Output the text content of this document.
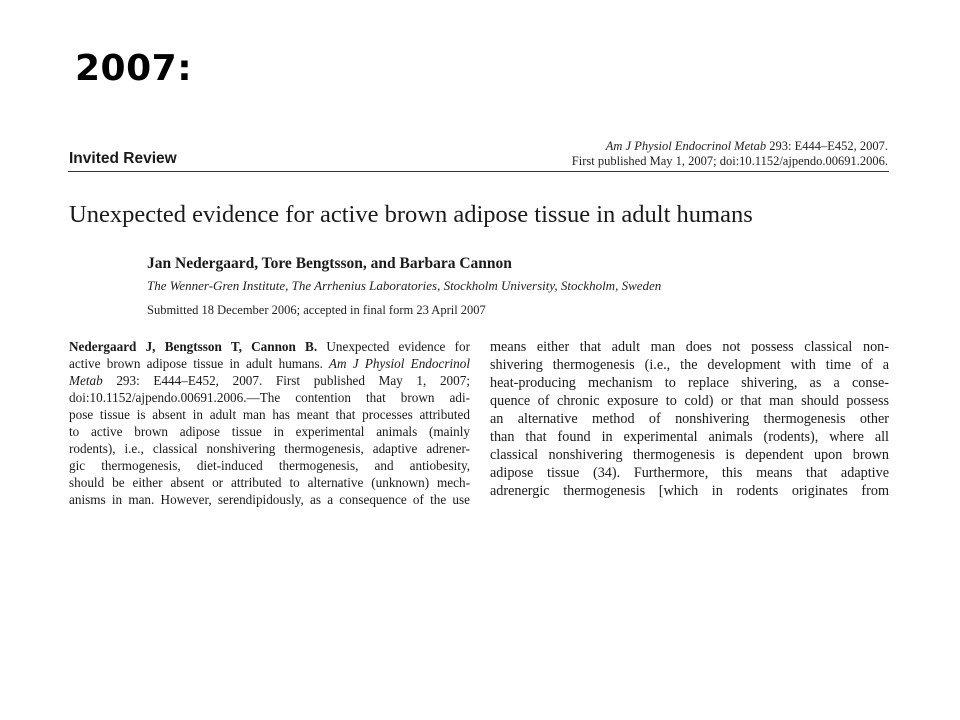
2007:
Invited Review
Am J Physiol Endocrinol Metab 293: E444–E452, 2007.
First published May 1, 2007; doi:10.1152/ajpendo.00691.2006.
Unexpected evidence for active brown adipose tissue in adult humans
Jan Nedergaard, Tore Bengtsson, and Barbara Cannon
The Wenner-Gren Institute, The Arrhenius Laboratories, Stockholm University, Stockholm, Sweden
Submitted 18 December 2006; accepted in final form 23 April 2007
Nedergaard J, Bengtsson T, Cannon B. Unexpected evidence for
active brown adipose tissue in adult humans. Am J Physiol Endocrinol
Metab 293: E444–E452, 2007. First published May 1, 2007;
doi:10.1152/ajpendo.00691.2006.—The contention that brown adi-
pose tissue is absent in adult man has meant that processes attributed
to active brown adipose tissue in experimental animals (mainly
rodents), i.e., classical nonshivering thermogenesis, adaptive adrener-
gic thermogenesis, diet-induced thermogenesis, and antiobesity,
should be either absent or attributed to alternative (unknown) mech-
anisms in man. However, serendipidously, as a consequence of the use
means either that adult man does not possess classical non-
shivering thermogenesis (i.e., the development with time of a
heat-producing mechanism to replace shivering, as a conse-
quence of chronic exposure to cold) or that man should possess
an alternative method of nonshivering thermogenesis other
than that found in experimental animals (rodents), where all
classical nonshivering thermogenesis is dependent upon brown
adipose tissue (34). Furthermore, this means that adaptive
adrenergic thermogenesis [which in rodents originates from
